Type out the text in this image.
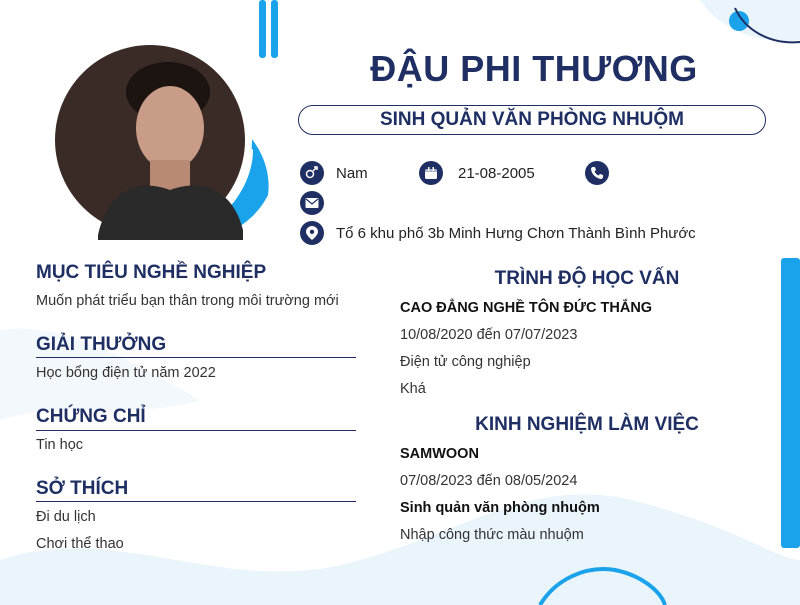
ĐẬU PHI THƯƠNG
SINH QUẢN VĂN PHÒNG NHUỘM
Nam	21-08-2005
Tổ 6 khu phố 3b Minh Hưng Chơn Thành Bình Phước
MỤC TIÊU NGHỀ NGHIỆP
Muốn phát triểu bạn thân trong môi trường mới
GIẢI THƯỞNG
Học bổng điện tử năm 2022
CHỨNG CHỈ
Tin học
SỞ THÍCH
Đi du lịch
Chơi thể thao
TRÌNH ĐỘ HỌC VẤN
CAO ĐẲNG NGHỀ TÔN ĐỨC THẮNG
10/08/2020 đến 07/07/2023
Điện tử công nghiệp
Khá
KINH NGHIỆM LÀM VIỆC
SAMWOON
07/08/2023 đến 08/05/2024
Sinh quản văn phòng nhuộm
Nhập công thức màu nhuộm
